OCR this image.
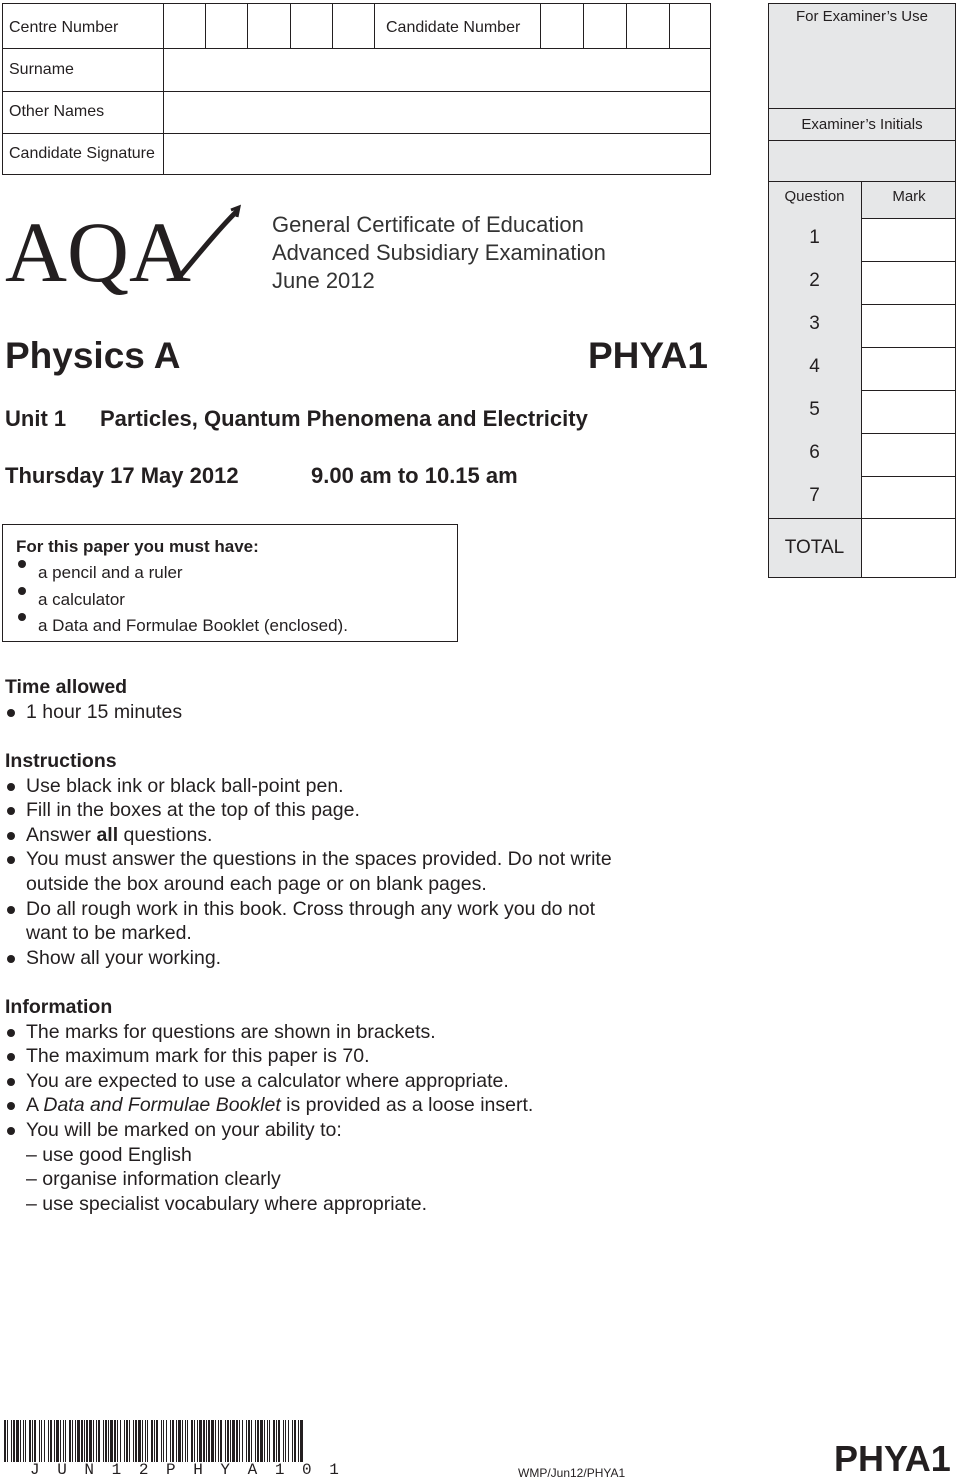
Centre Number	Candidate Number
Surname
Other Names
Candidate Signature
For Examiner’s Use
Examiner’s Initials
Question	Mark
1
2
3
4
5
6
7
TOTAL
AQA	General Certificate of Education
Advanced Subsidiary Examination
June 2012
Physics A	PHYA1
Unit 1 Particles, Quantum Phenomena and Electricity
Thursday 17 May 2012	9.00 am to 10.15 am
For this paper you must have:
a pencil and a ruler
a calculator
a Data and Formulae Booklet (enclosed).
Time allowed
1 hour 15 minutes
Instructions
Use black ink or black ball-point pen.
Fill in the boxes at the top of this page.
Answer all questions.
You must answer the questions in the spaces provided. Do not write
outside the box around each page or on blank pages.
Do all rough work in this book. Cross through any work you do not
want to be marked.
Show all your working.
Information
The marks for questions are shown in brackets.
The maximum mark for this paper is 70.
You are expected to use a calculator where appropriate.
A Data and Formulae Booklet is provided as a loose insert.
You will be marked on your ability to:
– use good English
– organise information clearly
– use specialist vocabulary where appropriate.
J U N 1 2 P H Y A 1 0 1	WMP/Jun12/PHYA1	PHYA1
